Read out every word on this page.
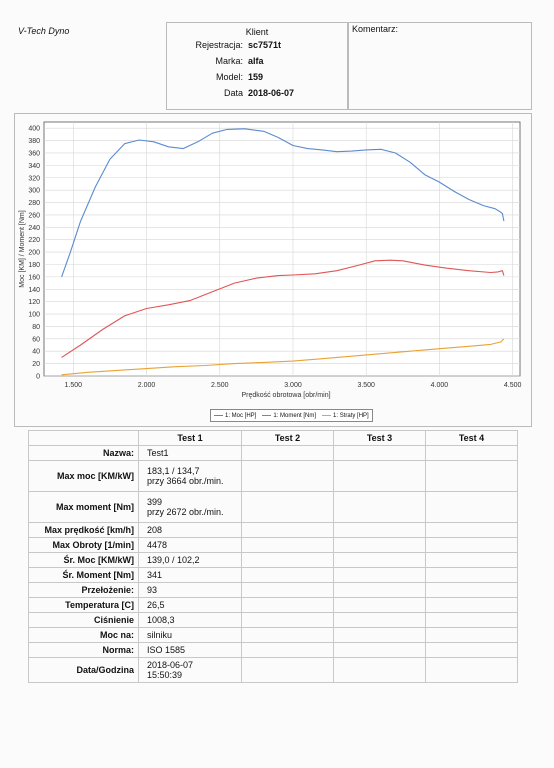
V-Tech Dyno	Klient
Rejestracja: sc7571t
Marka: alfa
Model: 159
Data 2018-06-07
Komentarz:
0
20
40
60
80
100
120
140
160
180
200
220
240
260
280
300
320
340
360
380
400
1.500	2.000	2.500	3.000	3.500	4.000	4.500
Prędkość obrotowa [obr/min]
Moc [KM] / Moment [Nm]
1: Moc [HP]	1: Moment [Nm]	1: Straty [HP]
	Test 1	Test 2	Test 3	Test 4
Nazwa:	Test1			

Max moc [KM/kW]	183,1 / 134,7
przy 3664 obr./min.			

Max moment [Nm]	399
przy 2672 obr./min.			

Max prędkość [km/h]	208			

Max Obroty [1/min]	4478			

Śr. Moc [KM/kW]	139,0 / 102,2			

Śr. Moment [Nm]	341			

Przełożenie:	93			

Temperatura [C]	26,5			

Ciśnienie	1008,3			

Moc na:	silniku			

Norma:	ISO 1585			

Data/Godzina	2018-06-07
15:50:39			
